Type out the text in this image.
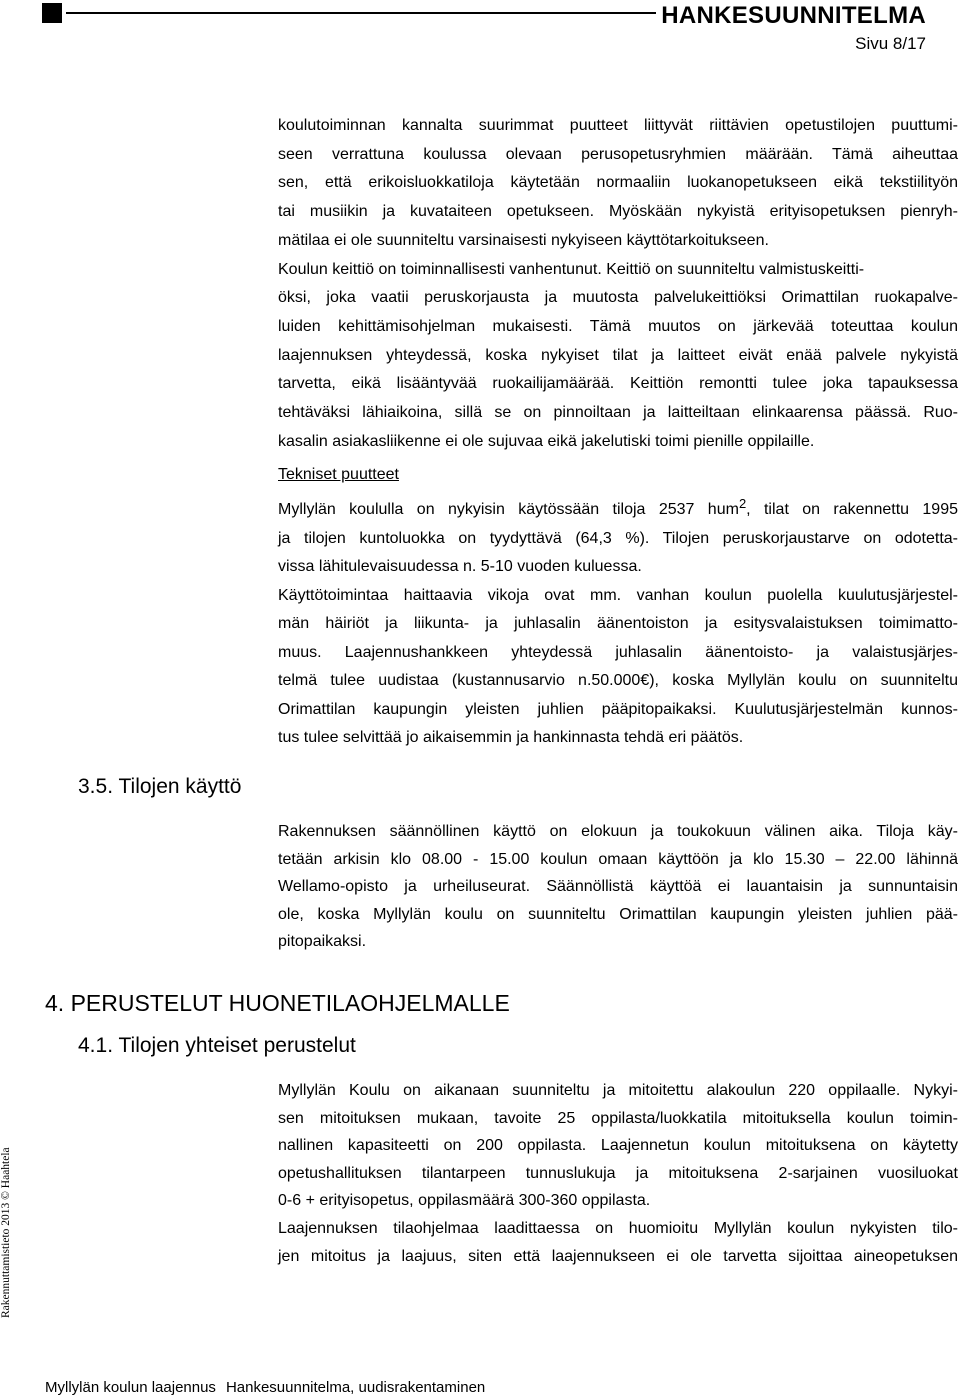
HANKESUUNNITELMA
Sivu 8/17

koulutoiminnan kannalta suurimmat puutteet liittyvät riittävien opetustilojen puuttumi-
seen verrattuna koulussa olevaan perusopetusryhmien määrään. Tämä aiheuttaa
sen, että erikoisluokkatiloja käytetään normaaliin luokanopetukseen eikä tekstiilityön
tai musiikin ja kuvataiteen opetukseen. Myöskään nykyistä erityisopetuksen pienryh-
mätilaa ei ole suunniteltu varsinaisesti nykyiseen käyttötarkoitukseen.
Koulun keittiö on toiminnallisesti vanhentunut. Keittiö on suunniteltu valmistuskeitti-
öksi, joka vaatii peruskorjausta ja muutosta palvelukeittiöksi Orimattilan ruokapalve-
luiden kehittämisohjelman mukaisesti. Tämä muutos on järkevää toteuttaa koulun
laajennuksen yhteydessä, koska nykyiset tilat ja laitteet eivät enää palvele nykyistä
tarvetta, eikä lisääntyvää ruokailijamäärää. Keittiön remontti tulee joka tapauksessa
tehtäväksi lähiaikoina, sillä se on pinnoiltaan ja laitteiltaan elinkaarensa päässä. Ruo-
kasalin asiakasliikenne ei ole sujuvaa eikä jakelutiski toimi pienille oppilaille.

Tekniset puutteet

Myllylän koululla on nykyisin käytössään tiloja 2537 hum$^2$, tilat on rakennettu 1995
ja tilojen kuntoluokka on tyydyttävä (64,3 %). Tilojen peruskorjaustarve on odotetta-
vissa lähitulevaisuudessa n. 5-10 vuoden kuluessa.
Käyttötoimintaa haittaavia vikoja ovat mm. vanhan koulun puolella kuulutusjärjestel-
män häiriöt ja liikunta- ja juhlasalin äänentoiston ja esitysvalaistuksen toimimatto-
muus. Laajennushankkeen yhteydessä juhlasalin äänentoisto- ja valaistusjärjes-
telmä tulee uudistaa (kustannusarvio n.50.000€), koska Myllylän koulu on suunniteltu
Orimattilan kaupungin yleisten juhlien pääpitopaikaksi. Kuulutusjärjestelmän kunnos-
tus tulee selvittää jo aikaisemmin ja hankinnasta tehdä eri päätös.

3.5. Tilojen käyttö

Rakennuksen säännöllinen käyttö on elokuun ja toukokuun välinen aika. Tiloja käy-
tetään arkisin klo 08.00 - 15.00 koulun omaan käyttöön ja klo 15.30 – 22.00 lähinnä
Wellamo-opisto ja urheiluseurat. Säännöllistä käyttöä ei lauantaisin ja sunnuntaisin
ole, koska Myllylän koulu on suunniteltu Orimattilan kaupungin yleisten juhlien pää-
pitopaikaksi.

4. PERUSTELUT HUONETILAOHJELMALLE
4.1. Tilojen yhteiset perustelut

Myllylän Koulu on aikanaan suunniteltu ja mitoitettu alakoulun 220 oppilaalle. Nykyi-
sen mitoituksen mukaan, tavoite 25 oppilasta/luokkatila mitoituksella koulun toimin-
nallinen kapasiteetti on 200 oppilasta. Laajennetun koulun mitoituksena on käytetty
opetushallituksen tilantarpeen tunnuslukuja ja mitoituksena 2-sarjainen vuosiluokat
0-6 + erityisopetus, oppilasmäärä 300-360 oppilasta.
Laajennuksen tilaohjelmaa laadittaessa on huomioitu Myllylän koulun nykyisten tilo-
jen mitoitus ja laajuus, siten että laajennukseen ei ole tarvetta sijoittaa aineopetuksen

Rakennuttamistieto 2013 © Haahtela
Myllylän koulun laajennus Hankesuunnitelma, uudisrakentaminen
